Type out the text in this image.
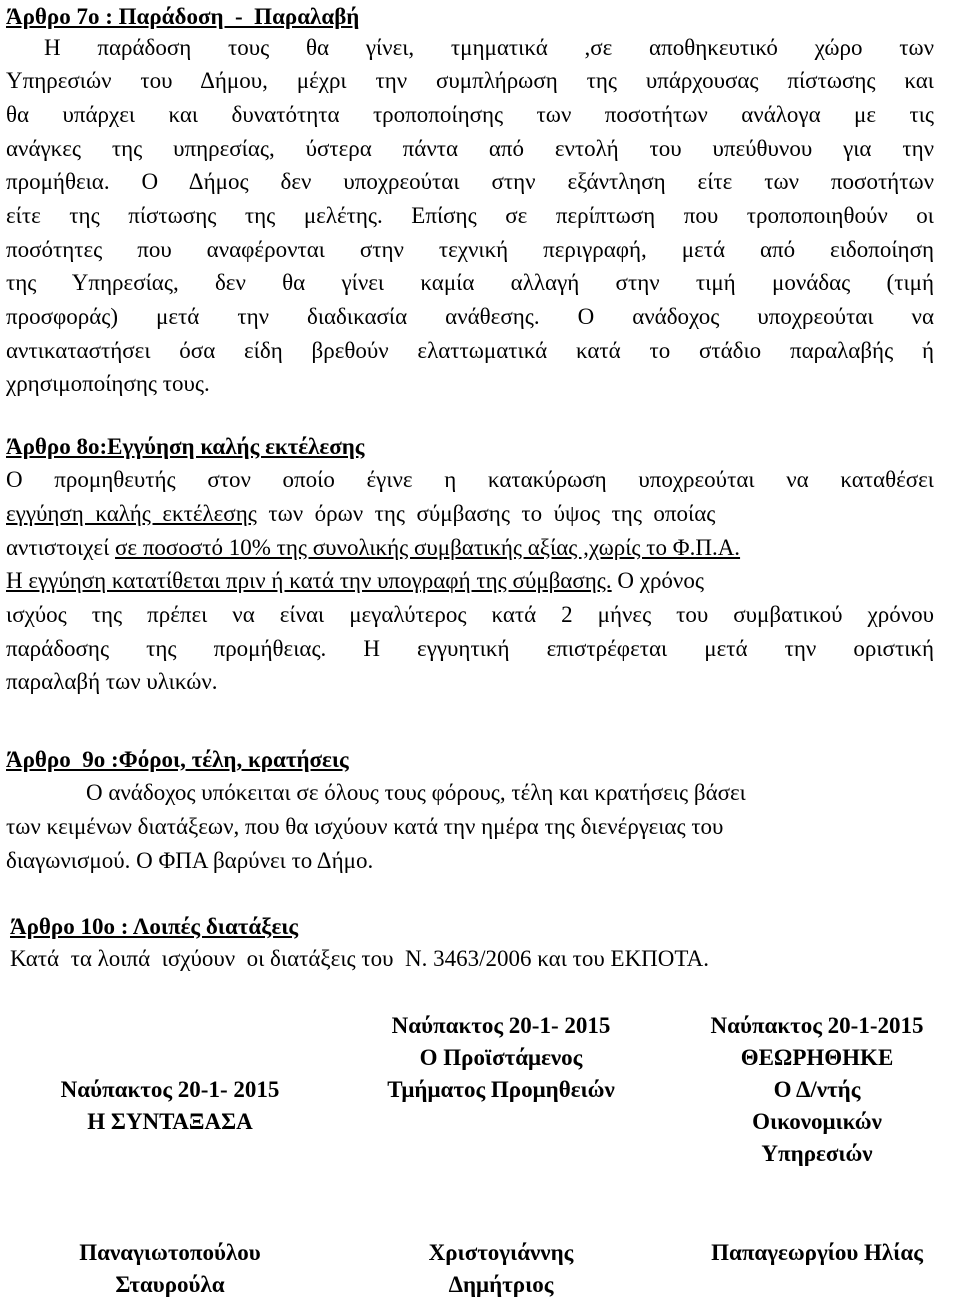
Άρθρο 7ο : Παράδοση  -  Παραλαβή
Η παράδοση τους θα γίνει, τμηματικά ,σε αποθηκευτικό χώρο των
Υπηρεσιών του Δήμου, μέχρι την συμπλήρωση της υπάρχουσας πίστωσης και
θα υπάρχει και δυνατότητα τροποποίησης των ποσοτήτων ανάλογα με τις
ανάγκες της υπηρεσίας, ύστερα πάντα από εντολή του υπεύθυνου για την
προμήθεια. Ο Δήμος δεν υποχρεούται στην εξάντληση είτε των ποσοτήτων
είτε της πίστωσης της μελέτης. Επίσης σε περίπτωση που τροποποιηθούν οι
ποσότητες που αναφέρονται στην τεχνική περιγραφή, μετά από ειδοποίηση
της Υπηρεσίας, δεν θα γίνει καμία αλλαγή στην τιμή μονάδας (τιμή
προσφοράς) μετά την διαδικασία ανάθεσης. Ο ανάδοχος υποχρεούται να
αντικαταστήσει όσα είδη βρεθούν ελαττωματικά κατά το στάδιο παραλαβής ή
χρησιμοποίησης τους.
Άρθρο 8ο:Εγγύηση καλής εκτέλεσης
Ο προμηθευτής στον οποίο έγινε η κατακύρωση υποχρεούται να καταθέσει
εγγύηση  καλής  εκτέλεσης  των  όρων  της  σύμβασης  το  ύψος  της  οποίας
αντιστοιχεί σε ποσοστό 10% της συνολικής συμβατικής αξίας ,χωρίς το Φ.Π.Α.
Η εγγύηση κατατίθεται πριν ή κατά την υπογραφή της σύμβασης. Ο χρόνος
ισχύος της πρέπει να είναι μεγαλύτερος κατά 2 μήνες του συμβατικού χρόνου
παράδοσης της προμήθειας. Η εγγυητική επιστρέφεται μετά την οριστική
παραλαβή των υλικών.
Άρθρο  9ο :Φόροι, τέλη, κρατήσεις
Ο ανάδοχος υπόκειται σε όλους τους φόρους, τέλη και κρατήσεις βάσει
των κειμένων διατάξεων, που θα ισχύουν κατά την ημέρα της διενέργειας του
διαγωνισμού. Ο ΦΠΑ βαρύνει το Δήμο.
Άρθρο 10ο : Λοιπές διατάξεις
Κατά  τα λοιπά  ισχύουν  οι διατάξεις του  Ν. 3463/2006 και του ΕΚΠΟΤΑ.
Ναύπακτος 20-1- 2015
Η ΣΥΝΤΑΞΑΣΑ
Παναγιωτοπούλου
Σταυρούλα
Ναύπακτος 20-1- 2015
Ο Προϊστάμενος
Τμήματος Προμηθειών
Χριστογιάννης
Δημήτριος
Ναύπακτος 20-1-2015
ΘΕΩΡΗΘΗΚΕ
Ο Δ/ντής
Οικονομικών
Υπηρεσιών
Παπαγεωργίου Ηλίας
